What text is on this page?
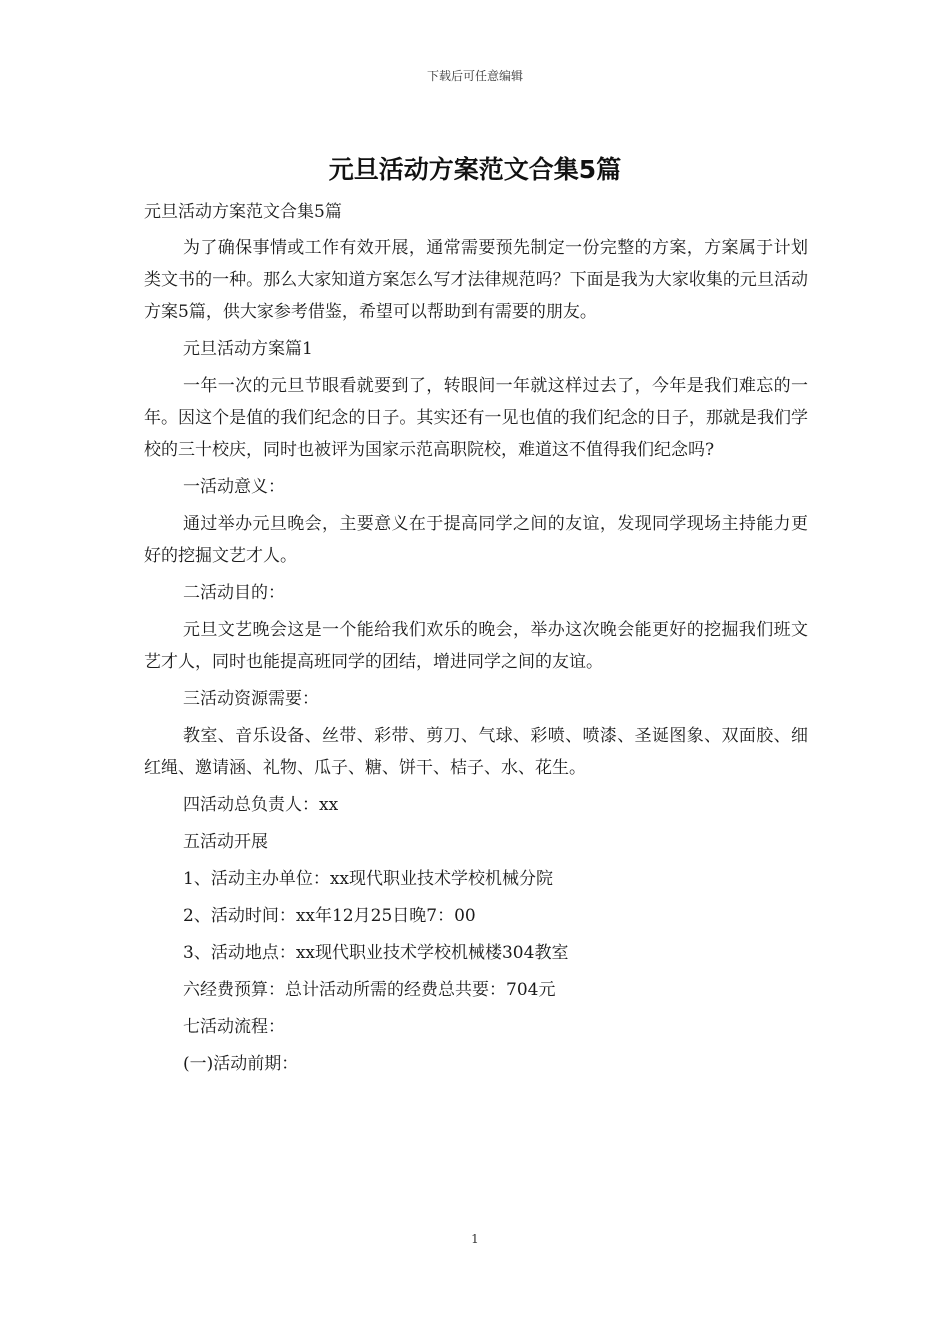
下载后可任意编辑
元旦活动方案范文合集5篇

元旦活动方案范文合集5篇

为了确保事情或工作有效开展，通常需要预先制定一份完整的方案，方案属于计划类文书的一种。那么大家知道方案怎么写才法律规范吗？下面是我为大家收集的元旦活动方案5篇，供大家参考借鉴，希望可以帮助到有需要的朋友。

元旦活动方案篇1

一年一次的元旦节眼看就要到了，转眼间一年就这样过去了，今年是我们难忘的一年。因这个是值的我们纪念的日子。其实还有一见也值的我们纪念的日子，那就是我们学校的三十校庆，同时也被评为国家示范高职院校，难道这不值得我们纪念吗?

一活动意义：

通过举办元旦晚会，主要意义在于提高同学之间的友谊，发现同学现场主持能力更好的挖掘文艺才人。

二活动目的：

元旦文艺晚会这是一个能给我们欢乐的晚会，举办这次晚会能更好的挖掘我们班文艺才人，同时也能提高班同学的团结，增进同学之间的友谊。

三活动资源需要：

教室、音乐设备、丝带、彩带、剪刀、气球、彩喷、喷漆、圣诞图象、双面胶、细红绳、邀请涵、礼物、瓜子、糖、饼干、桔子、水、花生。

四活动总负责人：xx

五活动开展

1、活动主办单位：xx现代职业技术学校机械分院

2、活动时间：xx年12月25日晚7：00

3、活动地点：xx现代职业技术学校机械楼304教室

六经费预算：总计活动所需的经费总共要：704元

七活动流程：

(一)活动前期：

1
